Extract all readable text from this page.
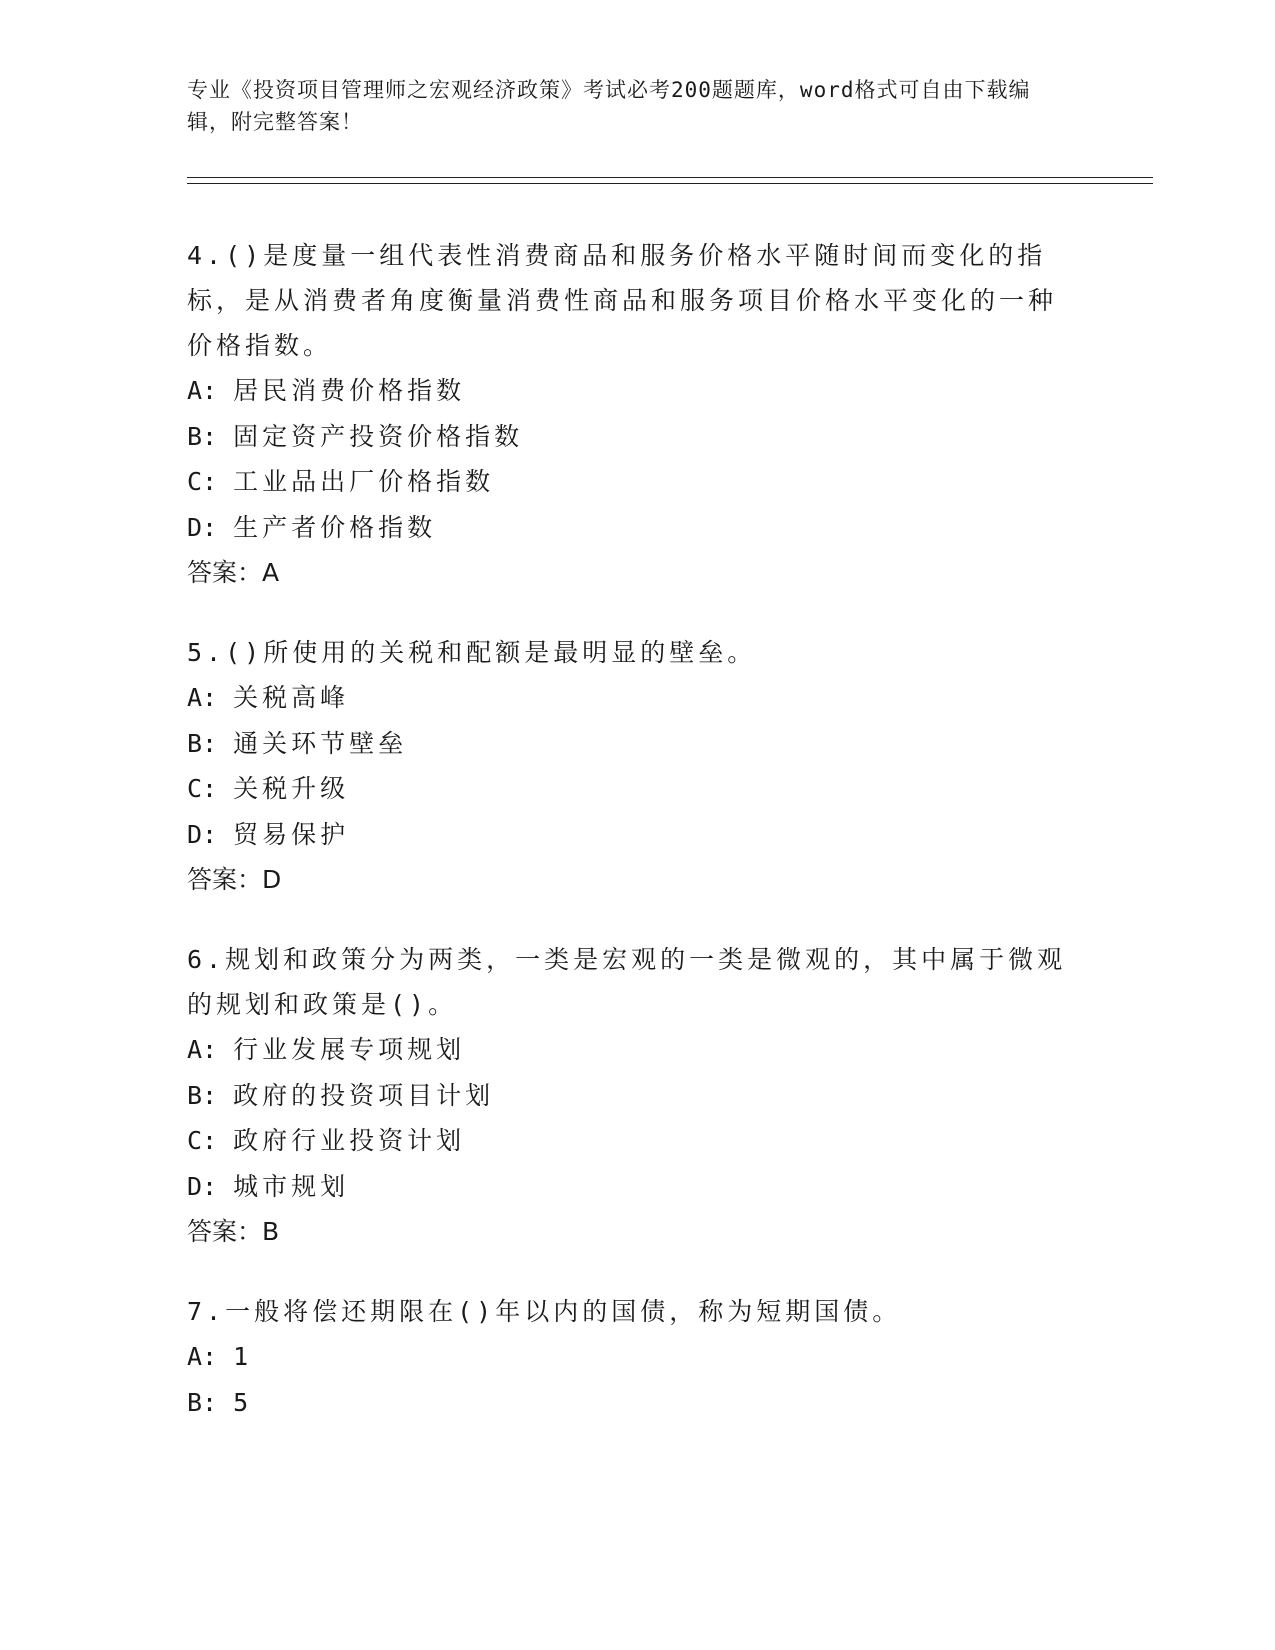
专业《投资项目管理师之宏观经济政策》考试必考200题题库，word格式可自由下载编辑，附完整答案！

4.()是度量一组代表性消费商品和服务价格水平随时间而变化的指标，是从消费者角度衡量消费性商品和服务项目价格水平变化的一种价格指数。

A: 居民消费价格指数
B: 固定资产投资价格指数
C: 工业品出厂价格指数
D: 生产者价格指数
答案：A

5.()所使用的关税和配额是最明显的壁垒。

A: 关税高峰
B: 通关环节壁垒
C: 关税升级
D: 贸易保护
答案：D

6.规划和政策分为两类，一类是宏观的一类是微观的，其中属于微观的规划和政策是()。

A: 行业发展专项规划
B: 政府的投资项目计划
C: 政府行业投资计划
D: 城市规划
答案：B

7.一般将偿还期限在()年以内的国债，称为短期国债。

A: 1
B: 5
